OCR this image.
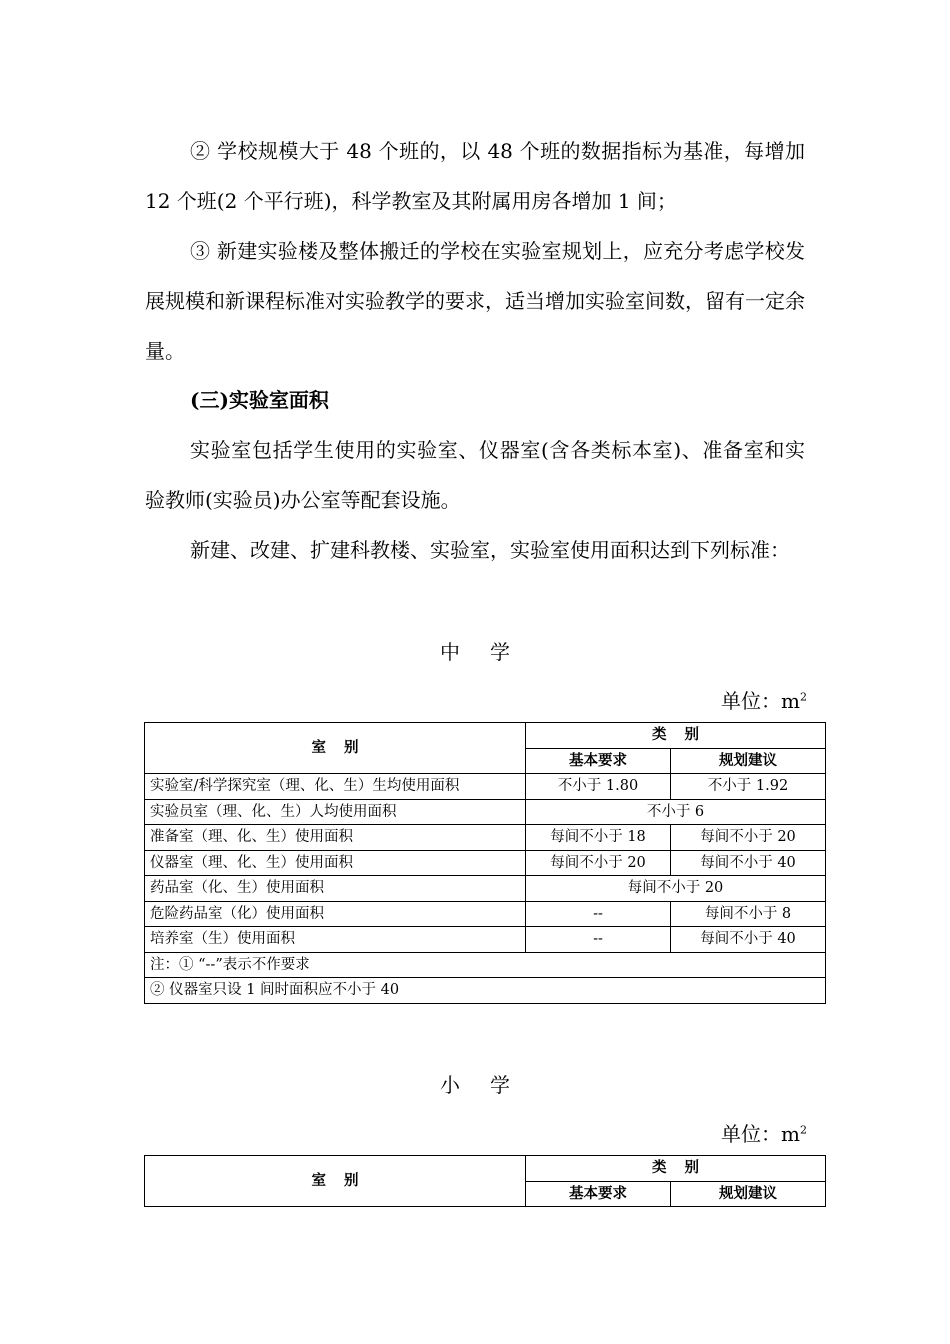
② 学校规模大于 48 个班的，以 48 个班的数据指标为基准，每增加 12 个班(2 个平行班)，科学教室及其附属用房各增加 1 间；

③ 新建实验楼及整体搬迁的学校在实验室规划上，应充分考虑学校发展规模和新课程标准对实验教学的要求，适当增加实验室间数，留有一定余量。

(三)实验室面积

实验室包括学生使用的实验室、仪器室(含各类标本室)、准备室和实验教师(实验员)办公室等配套设施。

新建、改建、扩建科教楼、实验室，实验室使用面积达到下列标准：

中学
单位：$m^2$
室别	类别	
	基本要求	规划建议
实验室/科学探究室（理、化、生）生均使用面积	不小于 1.80	不小于 1.92
实验员室（理、化、生）人均使用面积	不小于 6	
准备室（理、化、生）使用面积	每间不小于 18	每间不小于 20
仪器室（理、化、生）使用面积	每间不小于 20	每间不小于 40
药品室（化、生）使用面积	每间不小于 20	
危险药品室（化）使用面积	--	每间不小于 8
培养室（生）使用面积	--	每间不小于 40
注：① “--”表示不作要求		
② 仪器室只设 1 间时面积应不小于 40		
小学
单位：$m^2$
室别	类别	
	基本要求	规划建议
